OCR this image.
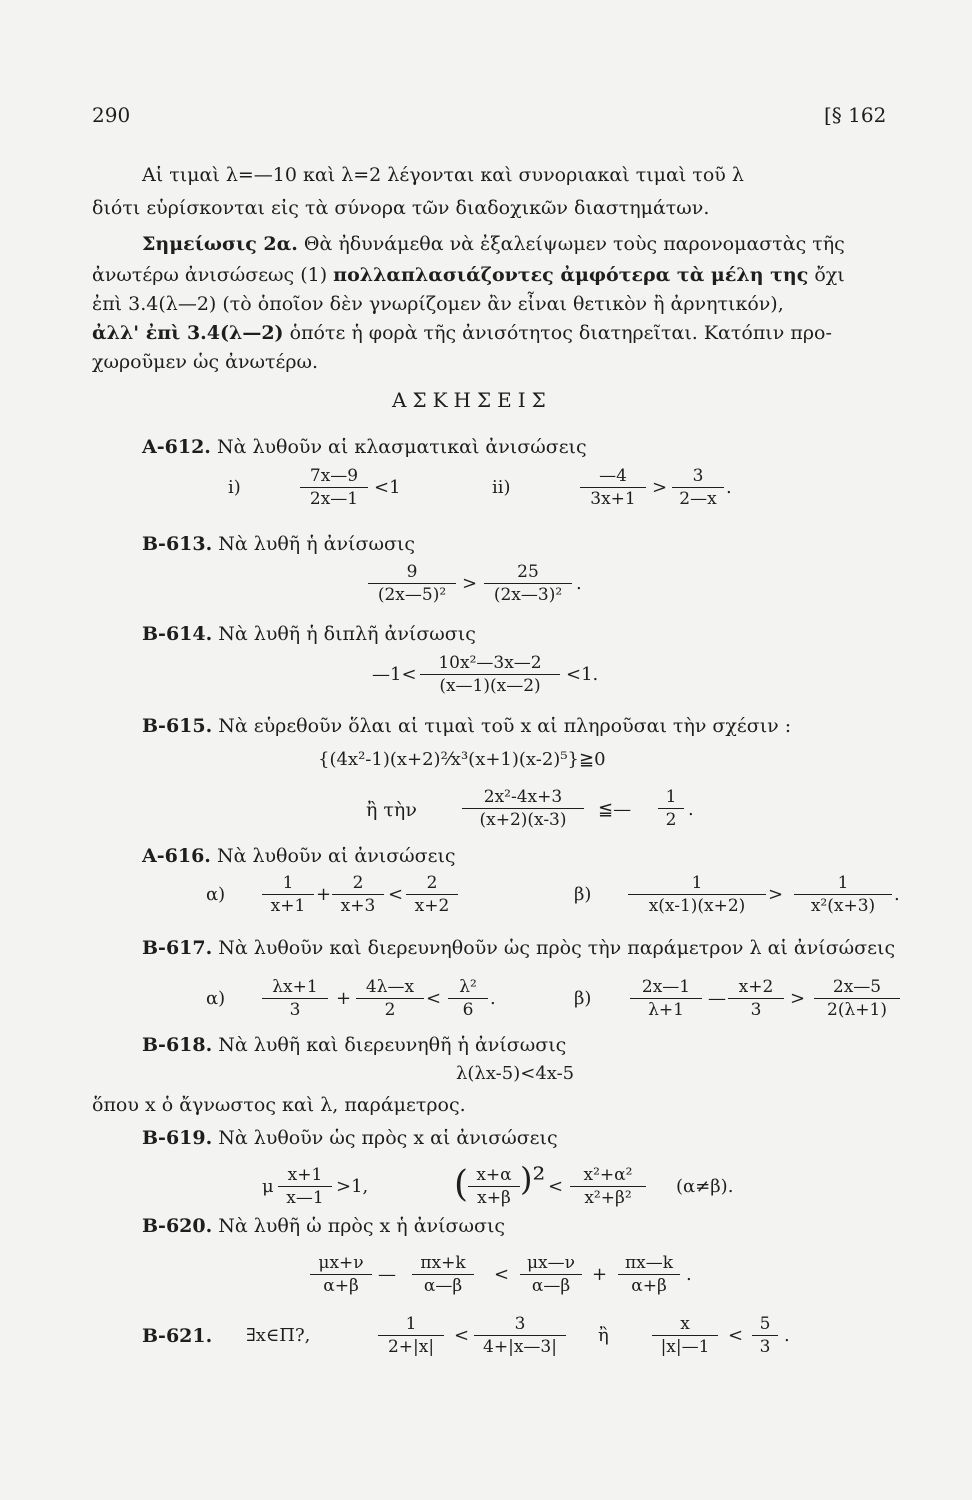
290	[§ 162
Αἱ τιμαὶ λ=—10 καὶ λ=2 λέγονται καὶ συνοριακαὶ τιμαὶ τοῦ λ
διότι εὑρίσκονται εἰς τὰ σύνορα τῶν διαδοχικῶν διαστημάτων.
Σημείωσις 2α. Θὰ ἠδυνάμεθα νὰ ἐξαλείψωμεν τοὺς παρονομαστὰς τῆς
ἀνωτέρω ἀνισώσεως (1) πολλαπλασιάζοντες ἀμφότερα τὰ μέλη της ὄχι
ἐπὶ 3.4(λ—2) (τὸ ὁποῖον δὲν γνωρίζομεν ἂν εἶναι θετικὸν ἢ ἀρνητικόν),
ἀλλ' ἐπὶ 3.4(λ—2) ὁπότε ἡ φορὰ τῆς ἀνισότητος διατηρεῖται. Κατόπιν προ-
χωροῦμεν ὡς ἀνωτέρω.
ΑΣΚΗΣΕΙΣ
Α-612. Νὰ λυθοῦν αἱ κλασματικαὶ ἀνισώσεις
i)	$\frac{7x—9}{2x—1} <1$	ii)	$\frac{—4}{3x+1} > \frac{3}{2—x}$ .
Β-613. Νὰ λυθῆ ἡ ἀνίσωσις
$\frac{9}{\text{(2x—5)²}} > \frac{25}{\text{(2x—3)²}}$ .
Β-614. Νὰ λυθῆ ἡ διπλῆ ἀνίσωσις
—1< $\frac{\text{10x²—3x—2}}{(x—1)(x—2)} <1$.
Β-615. Νὰ εὑρεθοῦν ὅλαι αἱ τιμαὶ τοῦ x αἱ πληροῦσαι τὴν σχέσιν :
{(4x²-1)(x+2)²⁄x³(x+1)(x-2)⁵}≧0
ἢ τὴν	$\frac{\text{2x²-4x+3}}{(x+2)(x-3)}$ ≦— $\frac{1}{2}$ .
Α-616. Νὰ λυθοῦν αἱ ἀνισώσεις
$\alpha) \frac{1}{x+1} + \frac{2}{x+3} < \frac{2}{x+2}$	$\beta) \frac{1}{x(x-1)(x+2)} > \frac{1}{\text{x²(x+3)}}$ .
Β-617. Νὰ λυθοῦν καὶ διερευνηθοῦν ὡς πρὸς τὴν παράμετρον λ αἱ ἀνίσώσεις
$\alpha) \frac{\lambda x+1}{3} + \frac{4\lambda—x}{2} < \frac{\text{λ²}}{6}$ .	$\beta) \frac{2x—1}{\lambda+1}$ — $\frac{x+2}{3} > \frac{2x—5}{2(\lambda+1)}$
Β-618. Νὰ λυθῆ καὶ διερευνηθῆ ἡ ἀνίσωσις
λ(λx-5)<4x-5
ὅπου x ὁ ἄγνωστος καὶ λ, παράμετρος.
Β-619. Νὰ λυθοῦν ὡς πρὸς x αἱ ἀνισώσεις
μ $\frac{x+1}{x—1} >1$, ( $\frac{x+\alpha}{x+\beta} )^2 < \frac{\text{x²+α²}}{\text{x²+β²}} (\alpha\ne\beta)$.
Β-620. Νὰ λυθῆ ὡ πρὸς x ἡ ἀνίσωσις
$\frac{\mu x+\nu}{\alpha+\beta}$ — $\frac{\pi x+k}{\alpha—\beta} < \frac{\mu x—\nu}{\alpha—\beta} + \frac{\pi x—k}{\alpha+\beta}$ .
Β-621. ∃x∈Π?,	$\frac{1}{2+|x|} < \frac{3}{4+|x—3|}$ ἢ	$\frac{x}{|x|—1} < \frac{5}{3}$ .
